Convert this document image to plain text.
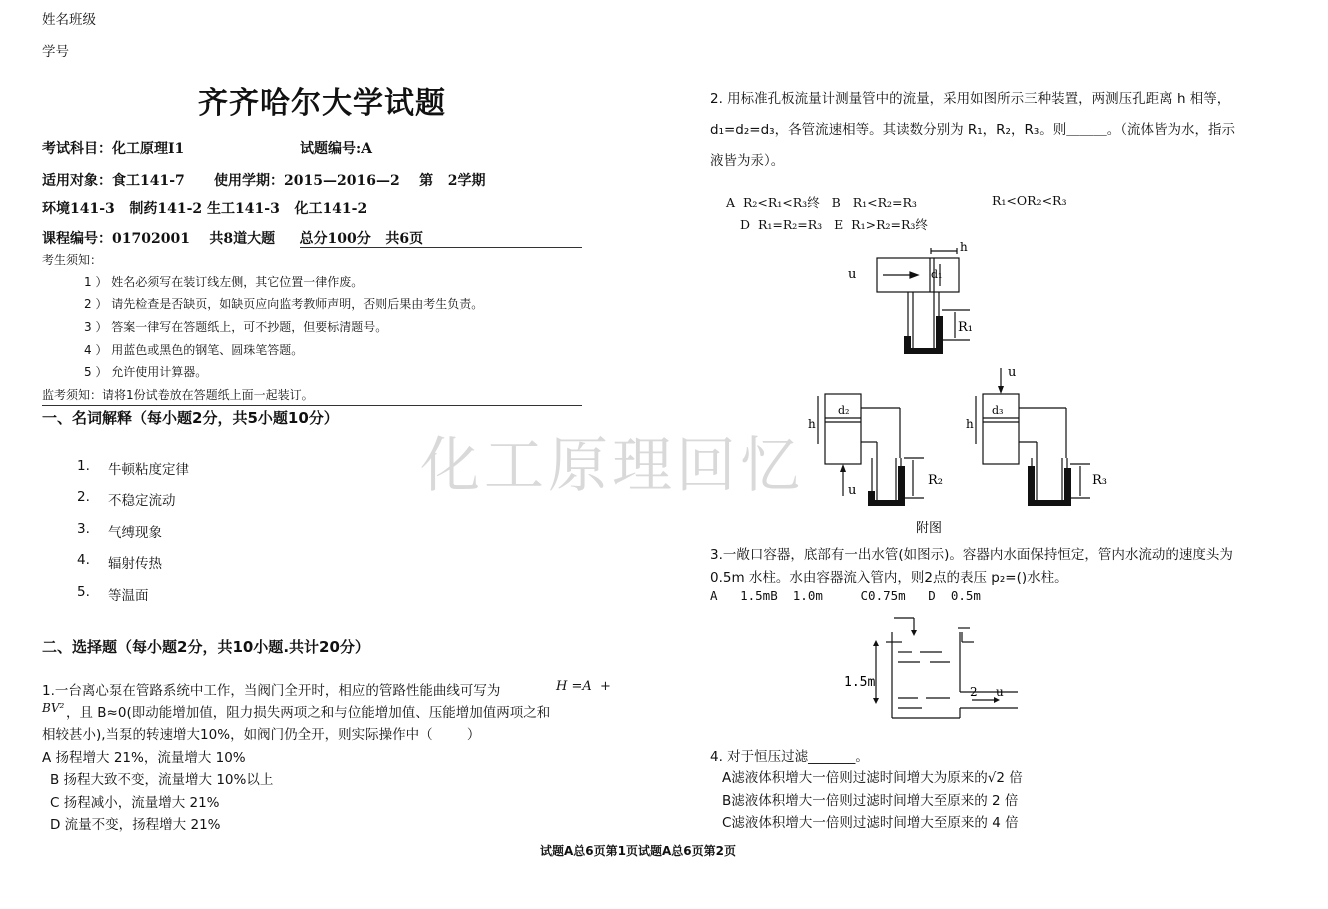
姓名班级
学号
齐齐哈尔大学试题
考试科目：化工原理Ⅰ1	试题编号:A
适用对象：食工141-7      使用学期：2015—2016—2    第   2学期
环境141-3   制药141-2 生工141-3   化工141-2
课程编号：01702001    共8道大题     总分100分   共6页
考生须知：
1 ） 姓名必须写在装订线左侧，其它位置一律作废。
2 ） 请先检查是否缺页，如缺页应向监考教师声明，否则后果由考生负责。
3 ） 答案一律写在答题纸上，可不抄题，但要标清题号。
4 ） 用蓝色或黑色的钢笔、圆珠笔答题。
5 ） 允许使用计算器。
监考须知：请将1份试卷放在答题纸上面一起装订。
一、名词解释（每小题2分，共5小题10分）
1. 牛顿粘度定律
2. 不稳定流动
3. 气缚现象
4. 辐射传热
5. 等温面
化工原理回忆
二、选择题（每小题2分，共10小题.共计20分）
1.一台离心泵在管路系统中工作，当阀门全开时，相应的管路性能曲线可写为	H =A  +
BV² ，且 B≈0(即动能增加值，阻力损失两项之和与位能增加值、压能增加值两项之和
相较甚小),当泵的转速增大10%，如阀门仍全开，则实际操作中（        ）
A 扬程增大 21%，流量增大 10%
B 扬程大致不变，流量增大 10%以上
C 扬程减小，流量增大 21%
D 流量不变，扬程增大 21%
2. 用标准孔板流量计测量管中的流量，采用如图所示三种装置，两测压孔距离 h 相等，
d₁=d₂=d₃，各管流速相等。其读数分别为 R₁，R₂，R₃。则＿＿＿。（流体皆为水，指示
液皆为汞）。
A  R₂<R₁<R₃终   B   R₁<R₂=R₃	R₁<OR₂<R₃
D  R₁=R₂=R₃   E  R₁>R₂=R₃终
u
h
d₁
R₁
h
d₂
u
R₂
h
d₃
u
R₃
附图
3.一敞口容器，底部有一出水管(如图示)。容器内水面保持恒定，管内水流动的速度头为
0.5m 水柱。水由容器流入管内，则2点的表压 p₂=()水柱。
A   1.5mB  1.0m     C0.75m   D  0.5m
1.5m
2 u
4. 对于恒压过滤_______。
A滤液体积增大一倍则过滤时间增大为原来的√2 倍
B滤液体积增大一倍则过滤时间增大至原来的 2 倍
C滤液体积增大一倍则过滤时间增大至原来的 4 倍
试题A总6页第1页试题A总6页第2页
